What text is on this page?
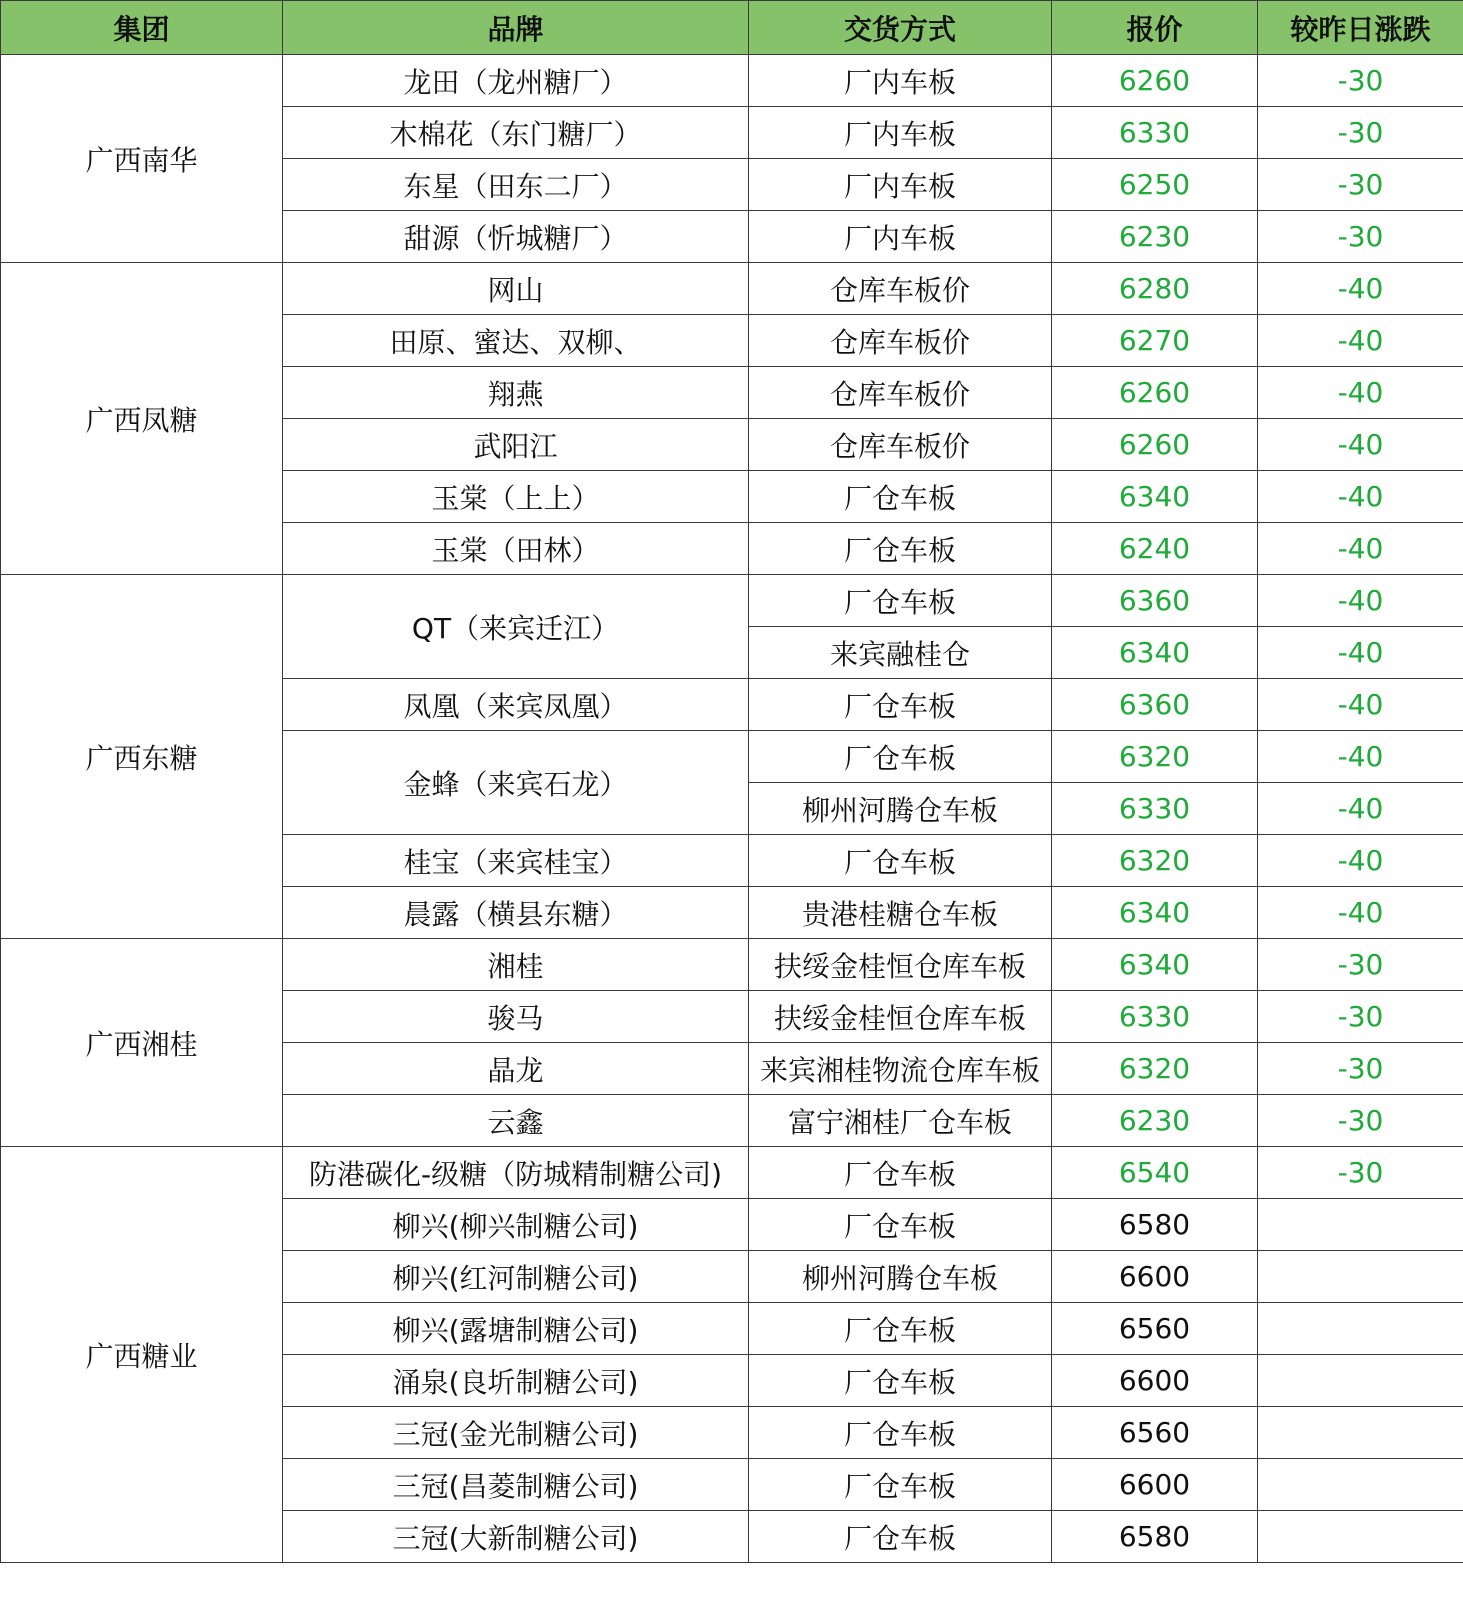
集团	品牌	交货方式	报价	较昨日涨跌
广西南华	龙田（龙州糖厂）	厂内车板	6260	-30
	木棉花（东门糖厂）	厂内车板	6330	-30
	东星（田东二厂）	厂内车板	6250	-30
	甜源（忻城糖厂）	厂内车板	6230	-30
广西凤糖	网山	仓库车板价	6280	-40
	田原、蜜达、双柳、	仓库车板价	6270	-40
	翔燕	仓库车板价	6260	-40
	武阳江	仓库车板价	6260	-40
	玉棠（上上）	厂仓车板	6340	-40
	玉棠（田林）	厂仓车板	6240	-40
广西东糖	QT（来宾迁江）	厂仓车板	6360	-40
		来宾融桂仓	6340	-40
	凤凰（来宾凤凰）	厂仓车板	6360	-40
	金蜂（来宾石龙）	厂仓车板	6320	-40
		柳州河腾仓车板	6330	-40
	桂宝（来宾桂宝）	厂仓车板	6320	-40
	晨露（横县东糖）	贵港桂糖仓车板	6340	-40
广西湘桂	湘桂	扶绥金桂恒仓库车板	6340	-30
	骏马	扶绥金桂恒仓库车板	6330	-30
	晶龙	来宾湘桂物流仓库车板	6320	-30
	云鑫	富宁湘桂厂仓车板	6230	-30
广西糖业	防港碳化-级糖（防城精制糖公司)	厂仓车板	6540	-30
	柳兴(柳兴制糖公司)	厂仓车板	6580	
	柳兴(红河制糖公司)	柳州河腾仓车板	6600	
	柳兴(露塘制糖公司)	厂仓车板	6560	
	涌泉(良圻制糖公司)	厂仓车板	6600	
	三冠(金光制糖公司)	厂仓车板	6560	
	三冠(昌菱制糖公司)	厂仓车板	6600	
	三冠(大新制糖公司)	厂仓车板	6580	
